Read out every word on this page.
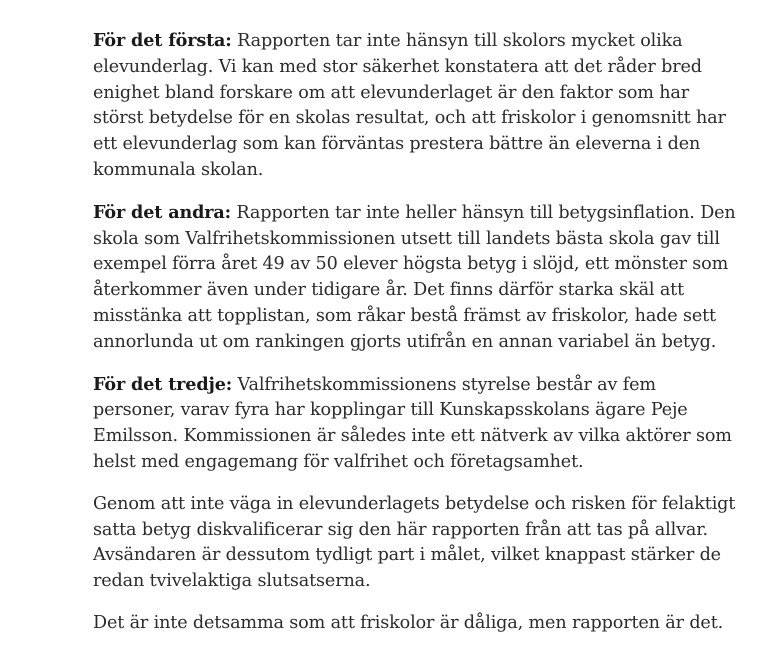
För det första: Rapporten tar inte hänsyn till skolors mycket olika elevunderlag. Vi kan med stor säkerhet konstatera att det råder bred enighet bland forskare om att elevunderlaget är den faktor som har störst betydelse för en skolas resultat, och att friskolor i genomsnitt har ett elevunderlag som kan förväntas prestera bättre än eleverna i den kommunala skolan.

För det andra: Rapporten tar inte heller hänsyn till betygsinflation. Den skola som Valfrihetskommissionen utsett till landets bästa skola gav till exempel förra året 49 av 50 elever högsta betyg i slöjd, ett mönster som återkommer även under tidigare år. Det finns därför starka skäl att misstänka att topplistan, som råkar bestå främst av friskolor, hade sett annorlunda ut om rankingen gjorts utifrån en annan variabel än betyg.

För det tredje: Valfrihetskommissionens styrelse består av fem personer, varav fyra har kopplingar till Kunskapsskolans ägare Peje Emilsson. Kommissionen är således inte ett nätverk av vilka aktörer som helst med engagemang för valfrihet och företagsamhet.

Genom att inte väga in elevunderlagets betydelse och risken för felaktigt satta betyg diskvalificerar sig den här rapporten från att tas på allvar. Avsändaren är dessutom tydligt part i målet, vilket knappast stärker de redan tvivelaktiga slutsatserna.

Det är inte detsamma som att friskolor är dåliga, men rapporten är det.
